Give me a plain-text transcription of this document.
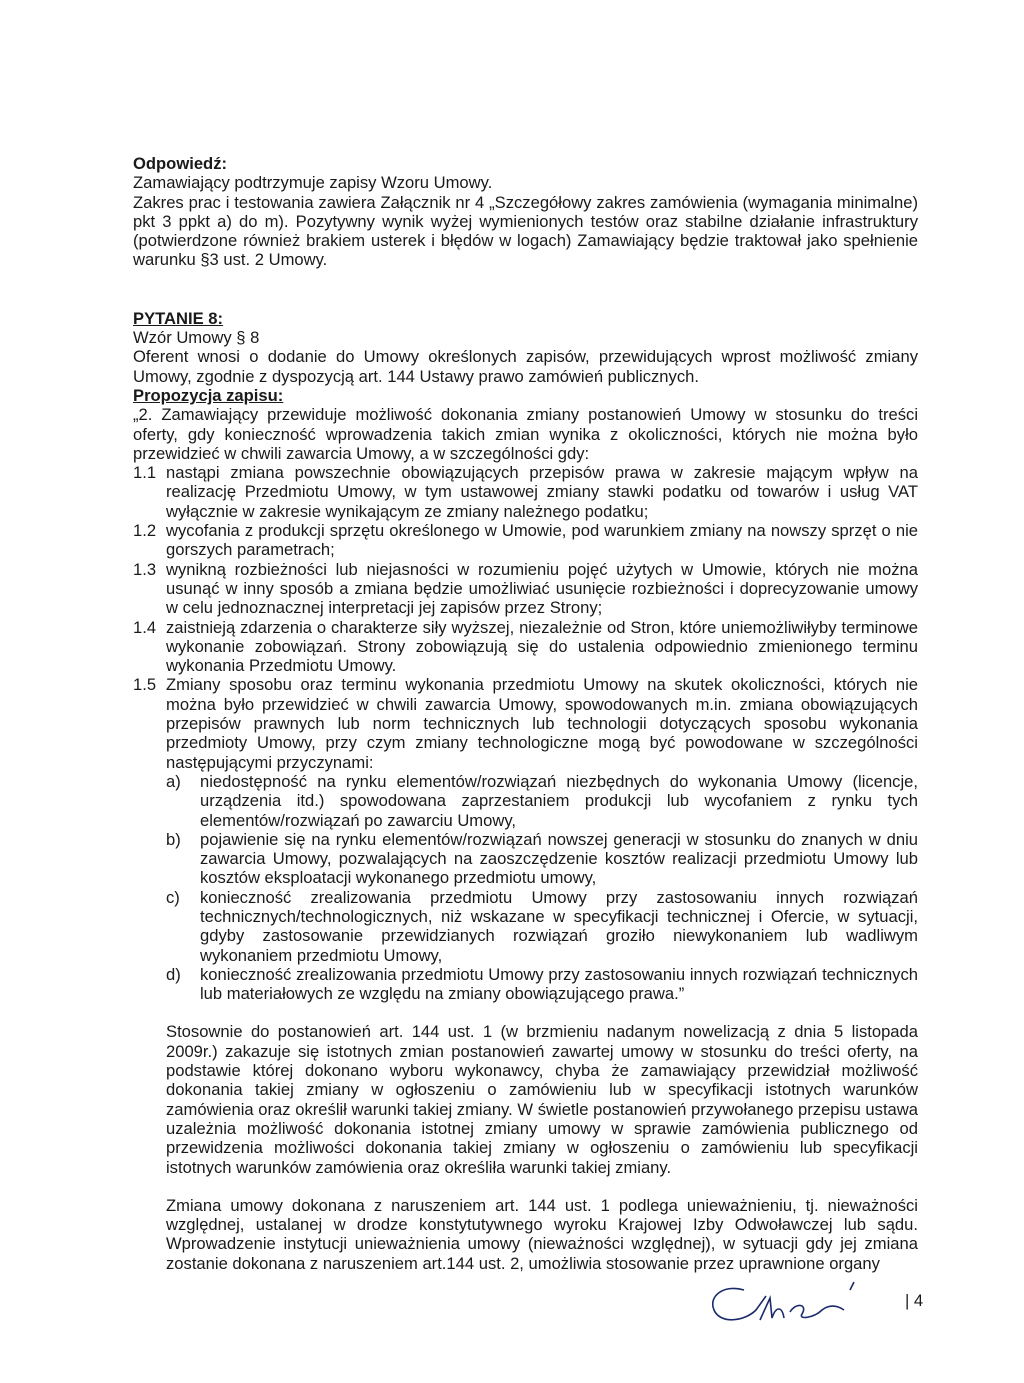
Odpowiedź:

Zamawiający podtrzymuje zapisy Wzoru Umowy.

Zakres prac i testowania zawiera Załącznik nr 4 „Szczegółowy zakres zamówienia (wymagania minimalne) pkt 3 ppkt a) do m). Pozytywny wynik wyżej wymienionych testów oraz stabilne działanie infrastruktury (potwierdzone również brakiem usterek i błędów w logach) Zamawiający będzie traktował jako spełnienie warunku §3 ust. 2 Umowy.

PYTANIE 8:

Wzór Umowy § 8

Oferent wnosi o dodanie do Umowy określonych zapisów, przewidujących wprost możliwość zmiany Umowy, zgodnie z dyspozycją art. 144 Ustawy prawo zamówień publicznych.

Propozycja zapisu:

„2. Zamawiający przewiduje możliwość dokonania zmiany postanowień Umowy w stosunku do treści oferty, gdy konieczność wprowadzenia takich zmian wynika z okoliczności, których nie można było przewidzieć w chwili zawarcia Umowy, a w szczególności gdy:

1.1 nastąpi zmiana powszechnie obowiązujących przepisów prawa w zakresie mającym wpływ na realizację Przedmiotu Umowy, w tym ustawowej zmiany stawki podatku od towarów i usług VAT wyłącznie w zakresie wynikającym ze zmiany należnego podatku;
1.2 wycofania z produkcji sprzętu określonego w Umowie, pod warunkiem zmiany na nowszy sprzęt o nie gorszych parametrach;
1.3 wynikną rozbieżności lub niejasności w rozumieniu pojęć użytych w Umowie, których nie można usunąć w inny sposób a zmiana będzie umożliwiać usunięcie rozbieżności i doprecyzowanie umowy w celu jednoznacznej interpretacji jej zapisów przez Strony;
1.4 zaistnieją zdarzenia o charakterze siły wyższej, niezależnie od Stron, które uniemożliwiłyby terminowe wykonanie zobowiązań. Strony zobowiązują się do ustalenia odpowiednio zmienionego terminu wykonania Przedmiotu Umowy.
1.5 Zmiany sposobu oraz terminu wykonania przedmiotu Umowy na skutek okoliczności, których nie można było przewidzieć w chwili zawarcia Umowy, spowodowanych m.in. zmiana obowiązujących przepisów prawnych lub norm technicznych lub technologii dotyczących sposobu wykonania przedmioty Umowy, przy czym zmiany technologiczne mogą być powodowane w szczególności następującymi przyczynami:
a)	niedostępność na rynku elementów/rozwiązań niezbędnych do wykonania Umowy (licencje, urządzenia itd.) spowodowana zaprzestaniem produkcji lub wycofaniem z rynku tych elementów/rozwiązań po zawarciu Umowy,
b)	pojawienie się na rynku elementów/rozwiązań nowszej generacji w stosunku do znanych w dniu zawarcia Umowy, pozwalających na zaoszczędzenie kosztów realizacji przedmiotu Umowy lub kosztów eksploatacji wykonanego przedmiotu umowy,
c)	konieczność zrealizowania przedmiotu Umowy przy zastosowaniu innych rozwiązań technicznych/technologicznych, niż wskazane w specyfikacji technicznej i Ofercie, w sytuacji, gdyby zastosowanie przewidzianych rozwiązań groziło niewykonaniem lub wadliwym wykonaniem przedmiotu Umowy,
d)	konieczność zrealizowania przedmiotu Umowy przy zastosowaniu innych rozwiązań technicznych lub materiałowych ze względu na zmiany obowiązującego prawa.”
Stosownie do postanowień art. 144 ust. 1 (w brzmieniu nadanym nowelizacją z dnia 5 listopada 2009r.) zakazuje się istotnych zmian postanowień zawartej umowy w stosunku do treści oferty, na podstawie której dokonano wyboru wykonawcy, chyba że zamawiający przewidział możliwość dokonania takiej zmiany w ogłoszeniu o zamówieniu lub w specyfikacji istotnych warunków zamówienia oraz określił warunki takiej zmiany. W świetle postanowień przywołanego przepisu ustawa uzależnia możliwość dokonania istotnej zmiany umowy w sprawie zamówienia publicznego od przewidzenia możliwości dokonania takiej zmiany w ogłoszeniu o zamówieniu lub specyfikacji istotnych warunków zamówienia oraz określiła warunki takiej zmiany.
Zmiana umowy dokonana z naruszeniem art. 144 ust. 1 podlega unieważnieniu, tj. nieważności względnej, ustalanej w drodze konstytutywnego wyroku Krajowej Izby Odwoławczej lub sądu. Wprowadzenie instytucji unieważnienia umowy (nieważności względnej), w sytuacji gdy jej zmiana zostanie dokonana z naruszeniem art.144 ust. 2, umożliwia stosowanie przez uprawnione organy
| 4
